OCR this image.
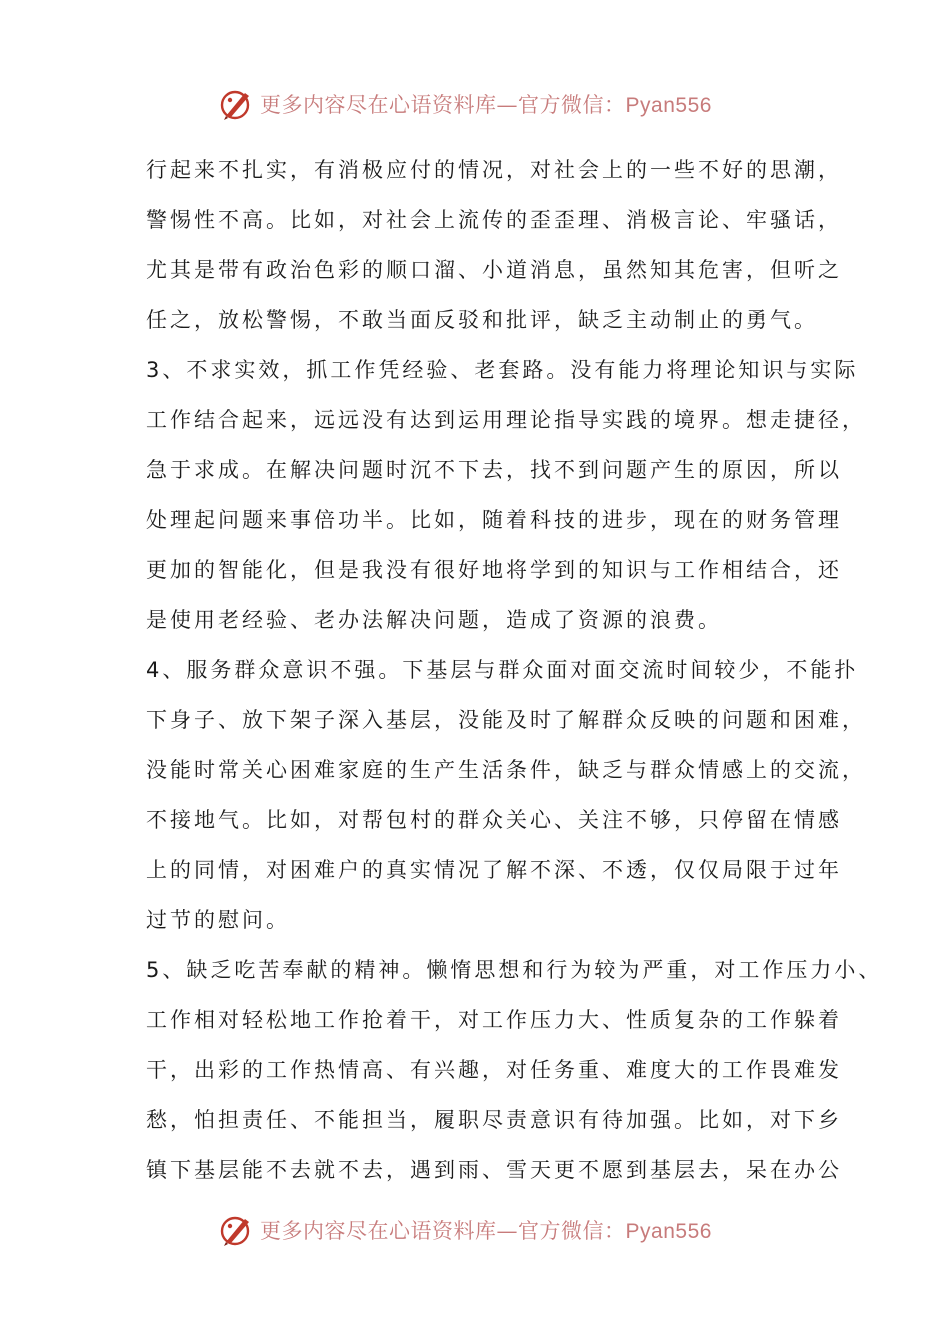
更多内容尽在心语资料库—官方微信：Pyan556
行起来不扎实，有消极应付的情况，对社会上的一些不好的思潮，
警惕性不高。比如，对社会上流传的歪歪理、消极言论、牢骚话，
尤其是带有政治色彩的顺口溜、小道消息，虽然知其危害，但听之
任之，放松警惕，不敢当面反驳和批评，缺乏主动制止的勇气。
3、不求实效，抓工作凭经验、老套路。没有能力将理论知识与实际
工作结合起来，远远没有达到运用理论指导实践的境界。想走捷径，
急于求成。在解决问题时沉不下去，找不到问题产生的原因，所以
处理起问题来事倍功半。比如，随着科技的进步，现在的财务管理
更加的智能化，但是我没有很好地将学到的知识与工作相结合，还
是使用老经验、老办法解决问题，造成了资源的浪费。
4、服务群众意识不强。下基层与群众面对面交流时间较少，不能扑
下身子、放下架子深入基层，没能及时了解群众反映的问题和困难，
没能时常关心困难家庭的生产生活条件，缺乏与群众情感上的交流，
不接地气。比如，对帮包村的群众关心、关注不够，只停留在情感
上的同情，对困难户的真实情况了解不深、不透，仅仅局限于过年
过节的慰问。
5、缺乏吃苦奉献的精神。懒惰思想和行为较为严重，对工作压力小、
工作相对轻松地工作抢着干，对工作压力大、性质复杂的工作躲着
干，出彩的工作热情高、有兴趣，对任务重、难度大的工作畏难发
愁，怕担责任、不能担当，履职尽责意识有待加强。比如，对下乡
镇下基层能不去就不去，遇到雨、雪天更不愿到基层去，呆在办公
更多内容尽在心语资料库—官方微信：Pyan556
